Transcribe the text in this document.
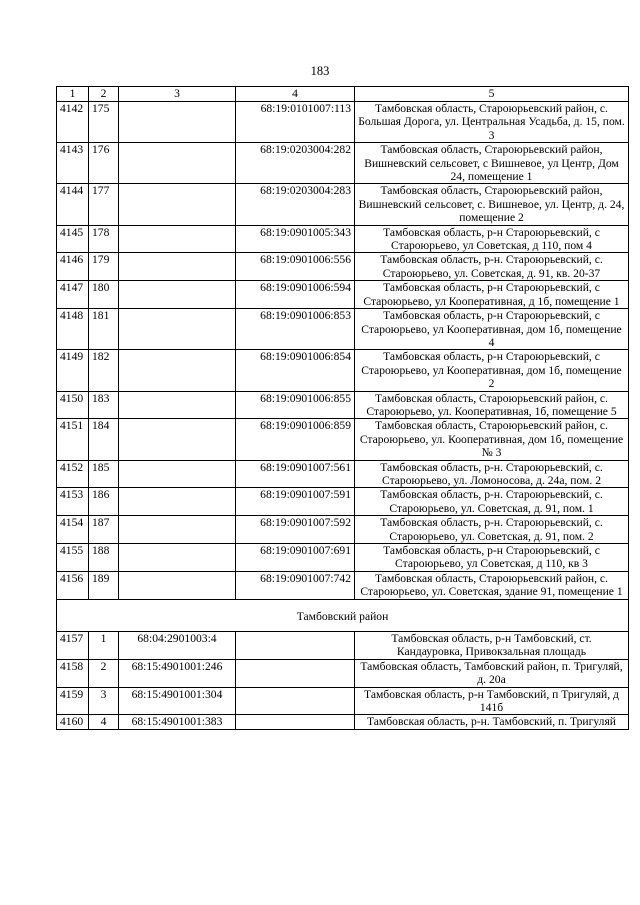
183
1	2	3	4	5
4142	175		68:19:0101007:113	Тамбовская область, Староюрьевский район, с. Большая Дорога, ул. Центральная Усадьба, д. 15, пом. 3
4143	176		68:19:0203004:282	Тамбовская область, Староюрьевский район, Вишневский сельсовет, с Вишневое, ул Центр, Дом 24, помещение 1
4144	177		68:19:0203004:283	Тамбовская область, Староюрьевский район, Вишневский сельсовет, с. Вишневое, ул. Центр, д. 24, помещение 2
4145	178		68:19:0901005:343	Тамбовская область, р-н Староюрьевский, с Староюрьево, ул Советская, д 110, пом 4
4146	179		68:19:0901006:556	Тамбовская область, р-н. Староюрьевский, с. Староюрьево, ул. Советская, д. 91, кв. 20-37
4147	180		68:19:0901006:594	Тамбовская область, р-н Староюрьевский, с Староюрьево, ул Кооперативная, д 1б, помещение 1
4148	181		68:19:0901006:853	Тамбовская область, р-н Староюрьевский, с Староюрьево, ул Кооперативная, дом 1б, помещение 4
4149	182		68:19:0901006:854	Тамбовская область, р-н Староюрьевский, с Староюрьево, ул Кооперативная, дом 1б, помещение 2
4150	183		68:19:0901006:855	Тамбовская область, Староюрьевский район, с. Староюрьево, ул. Кооперативная, 1б, помещение 5
4151	184		68:19:0901006:859	Тамбовская область, Староюрьевский район, с. Староюрьево, ул. Кооперативная, дом 1б, помещение № 3
4152	185		68:19:0901007:561	Тамбовская область, р-н. Староюрьевский, с. Староюрьево, ул. Ломоносова, д. 24а, пом. 2
4153	186		68:19:0901007:591	Тамбовская область, р-н. Староюрьевский, с. Староюрьево, ул. Советская, д. 91, пом. 1
4154	187		68:19:0901007:592	Тамбовская область, р-н. Староюрьевский, с. Староюрьево, ул. Советская, д. 91, пом. 2
4155	188		68:19:0901007:691	Тамбовская область, р-н Староюрьевский, с Староюрьево, ул Советская, д 110, кв 3
4156	189		68:19:0901007:742	Тамбовская область, Староюрьевский район, с. Староюрьево, ул. Советская, здание 91, помещение 1
Тамбовский район				
4157	1	68:04:2901003:4		Тамбовская область, р-н Тамбовский, ст. Кандауровка, Привокзальная площадь
4158	2	68:15:4901001:246		Тамбовская область, Тамбовский район, п. Тригуляй, д. 20а
4159	3	68:15:4901001:304		Тамбовская область, р-н Тамбовский, п Тригуляй, д 141б
4160	4	68:15:4901001:383		Тамбовская область, р-н. Тамбовский, п. Тригуляй
